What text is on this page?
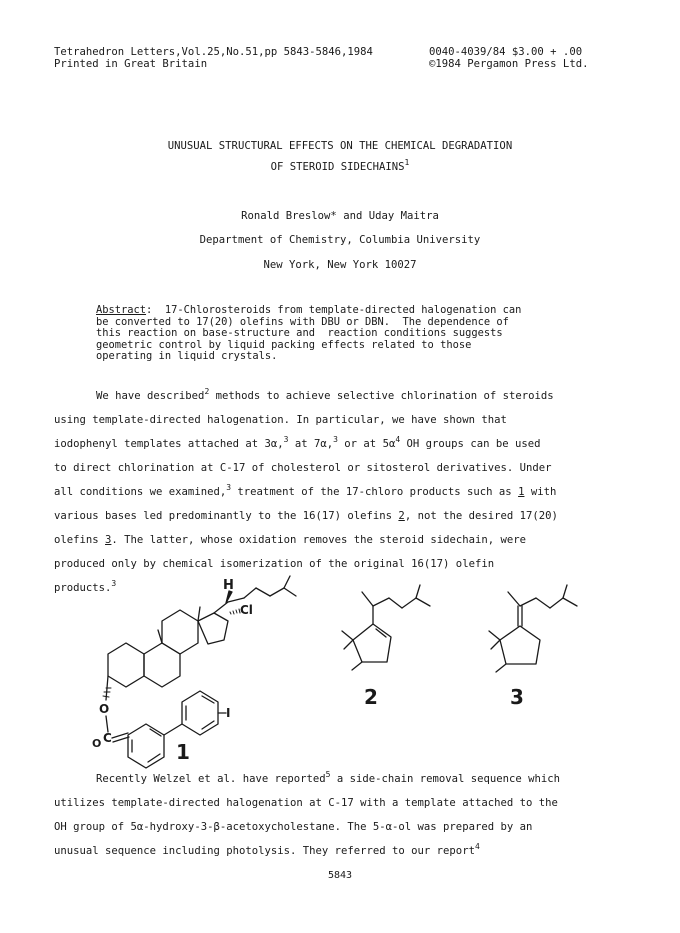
Tetrahedron Letters,Vol.25,No.51,pp 5843-5846,1984
Printed in Great Britain
0040-4039/84 $3.00 + .00
©1984 Pergamon Press Ltd.
UNUSUAL STRUCTURAL EFFECTS ON THE CHEMICAL DEGRADATION
OF STEROID SIDECHAINS$^1$
Ronald Breslow* and Uday Maitra
Department of Chemistry, Columbia University
New York, New York 10027
Abstract:  17-Chlorosteroids from template-directed halogenation can
be converted to 17(20) olefins with DBU or DBN.  The dependence of
this reaction on base-structure and  reaction conditions suggests
geometric control by liquid packing effects related to those
operating in liquid crystals.
We have described$^2$ methods to achieve selective chlorination of steroids
using template-directed halogenation. In particular, we have shown that
iodophenyl templates attached at 3α,$^3$ at 7α,$^3$ or at $5\alpha^4$ OH groups can be used
to direct chlorination at C-17 of cholesterol or sitosterol derivatives. Under
all conditions we examined,$^3$ treatment of the 17-chloro products such as 1 with
various bases led predominantly to the 16(17) olefins 2, not the desired 17(20)
olefins 3. The latter, whose oxidation removes the steroid sidechain, were
produced only by chemical isomerization of the original 16(17) olefin
products.$^3$	H
Cl
O
C
O
I
1
2	3
Recently Welzel et al. have reported$^5$ a side-chain removal sequence which
utilizes template-directed halogenation at C-17 with a template attached to the
OH group of 5α-hydroxy-3-β-acetoxycholestane. The 5-α-ol was prepared by an
unusual sequence including photolysis. They referred to our report$^4$
5843
